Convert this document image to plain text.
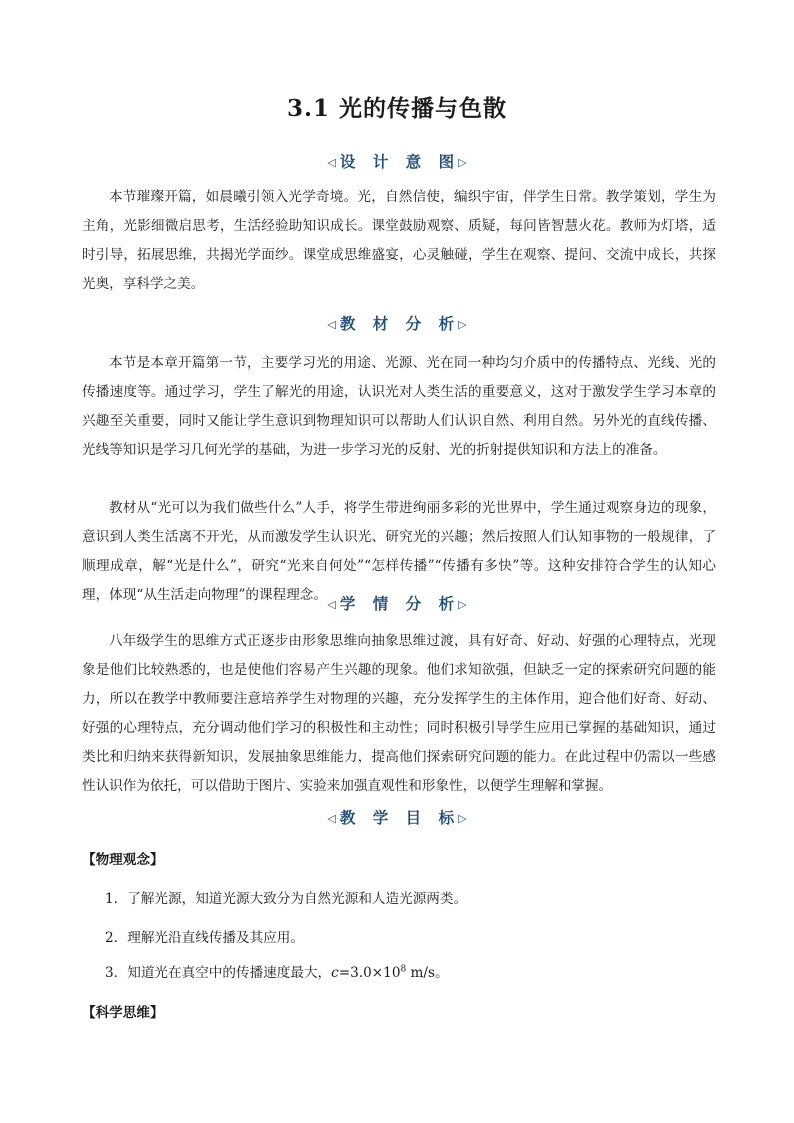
3.1 光的传播与色散
◁ 设 计 意 图▷

本节璀璨开篇，如晨曦引领入光学奇境。光，自然信使，编织宇宙，伴学生日常。教学策划，学生为主角，光影细微启思考，生活经验助知识成长。课堂鼓励观察、质疑，每问皆智慧火花。教师为灯塔，适时引导，拓展思维，共揭光学面纱。课堂成思维盛宴，心灵触碰，学生在观察、提问、交流中成长，共探光奥，享科学之美。

◁ 教 材 分 析▷

本节是本章开篇第一节，主要学习光的用途、光源、光在同一种均匀介质中的传播特点、光线、光的传播速度等。通过学习，学生了解光的用途，认识光对人类生活的重要意义，这对于激发学生学习本章的兴趣至关重要，同时又能让学生意识到物理知识可以帮助人们认识自然、利用自然。另外光的直线传播、光线等知识是学习几何光学的基础，为进一步学习光的反射、光的折射提供知识和方法上的准备。

教材从“光可以为我们做些什么”人手，将学生带进绚丽多彩的光世界中，学生通过观察身边的现象，意识到人类生活离不开光，从而激发学生认识光、研究光的兴趣；然后按照人们认知事物的一般规律，了顺理成章，解“光是什么”，研究“光来自何处”“怎样传播”“传播有多快”等。这种安排符合学生的认知心理，体现“从生活走向物理”的课程理念。

◁ 学 情 分 析▷

八年级学生的思维方式正逐步由形象思维向抽象思维过渡，具有好奇、好动、好强的心理特点，光现象是他们比较熟悉的，也是使他们容易产生兴趣的现象。他们求知欲强，但缺乏一定的探索研究问题的能力，所以在教学中教师要注意培养学生对物理的兴趣，充分发挥学生的主体作用，迎合他们好奇、好动、好强的心理特点，充分调动他们学习的积极性和主动性；同时积极引导学生应用已掌握的基础知识，通过类比和归纳来获得新知识，发展抽象思维能力，提高他们探索研究问题的能力。在此过程中仍需以一些感性认识作为依托，可以借助于图片、实验来加强直观性和形象性，以便学生理解和掌握。

◁ 教 学 目 标▷
【物理观念】
1．了解光源，知道光源大致分为自然光源和人造光源两类。
2．理解光沿直线传播及其应用。
3．知道光在真空中的传播速度最大，$c=3.0\times 10^8$ m/s。
【科学思维】
